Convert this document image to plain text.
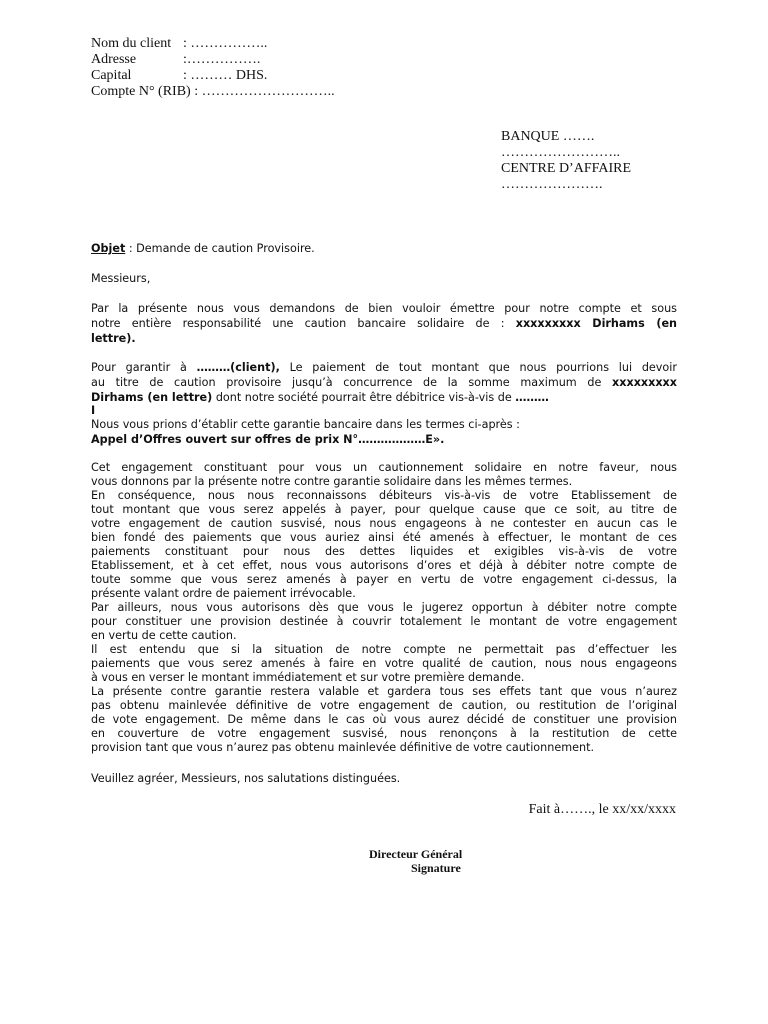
Nom du client : ……………..
Adresse	:…………….
Capital	: ……… DHS.
Compte N° (RIB) : ………………………..
BANQUE …….
……………………..
CENTRE D’AFFAIRE
………………….
Objet : Demande de caution Provisoire.
Messieurs,
Par la présente nous vous demandons de bien vouloir émettre pour notre compte et sous
notre entière responsabilité une caution bancaire solidaire de : xxxxxxxxx Dirhams (en
lettre).
Pour garantir à ………(client), Le paiement de tout montant que nous pourrions lui devoir
au titre de caution provisoire jusqu’à concurrence de la somme maximum de xxxxxxxxx
Dirhams (en lettre) dont notre société pourrait être débitrice vis-à-vis de ………
I
Nous vous prions d’établir cette garantie bancaire dans les termes ci-après :
Appel d’Offres ouvert sur offres de prix N°………………E».
Cet engagement constituant pour vous un cautionnement solidaire en notre faveur, nous
vous donnons par la présente notre contre garantie solidaire dans les mêmes termes.
En conséquence, nous nous reconnaissons débiteurs vis-à-vis de votre Etablissement de
tout montant que vous serez appelés à payer, pour quelque cause que ce soit, au titre de
votre engagement de caution susvisé, nous nous engageons à ne contester en aucun cas le
bien fondé des paiements que vous auriez ainsi été amenés à effectuer, le montant de ces
paiements constituant pour nous des dettes liquides et exigibles vis-à-vis de votre
Etablissement, et à cet effet, nous vous autorisons d’ores et déjà à débiter notre compte de
toute somme que vous serez amenés à payer en vertu de votre engagement ci-dessus, la
présente valant ordre de paiement irrévocable.
Par ailleurs, nous vous autorisons dès que vous le jugerez opportun à débiter notre compte
pour constituer une provision destinée à couvrir totalement le montant de votre engagement
en vertu de cette caution.
Il est entendu que si la situation de notre compte ne permettait pas d’effectuer les
paiements que vous serez amenés à faire en votre qualité de caution, nous nous engageons
à vous en verser le montant immédiatement et sur votre première demande.
La présente contre garantie restera valable et gardera tous ses effets tant que vous n’aurez
pas obtenu mainlevée définitive de votre engagement de caution, ou restitution de l’original
de vote engagement. De même dans le cas où vous aurez décidé de constituer une provision
en couverture de votre engagement susvisé, nous renonçons à la restitution de cette
provision tant que vous n’aurez pas obtenu mainlevée définitive de votre cautionnement.
Veuillez agréer, Messieurs, nos salutations distinguées.
Fait à……., le xx/xx/xxxx
Directeur Général
Signature
